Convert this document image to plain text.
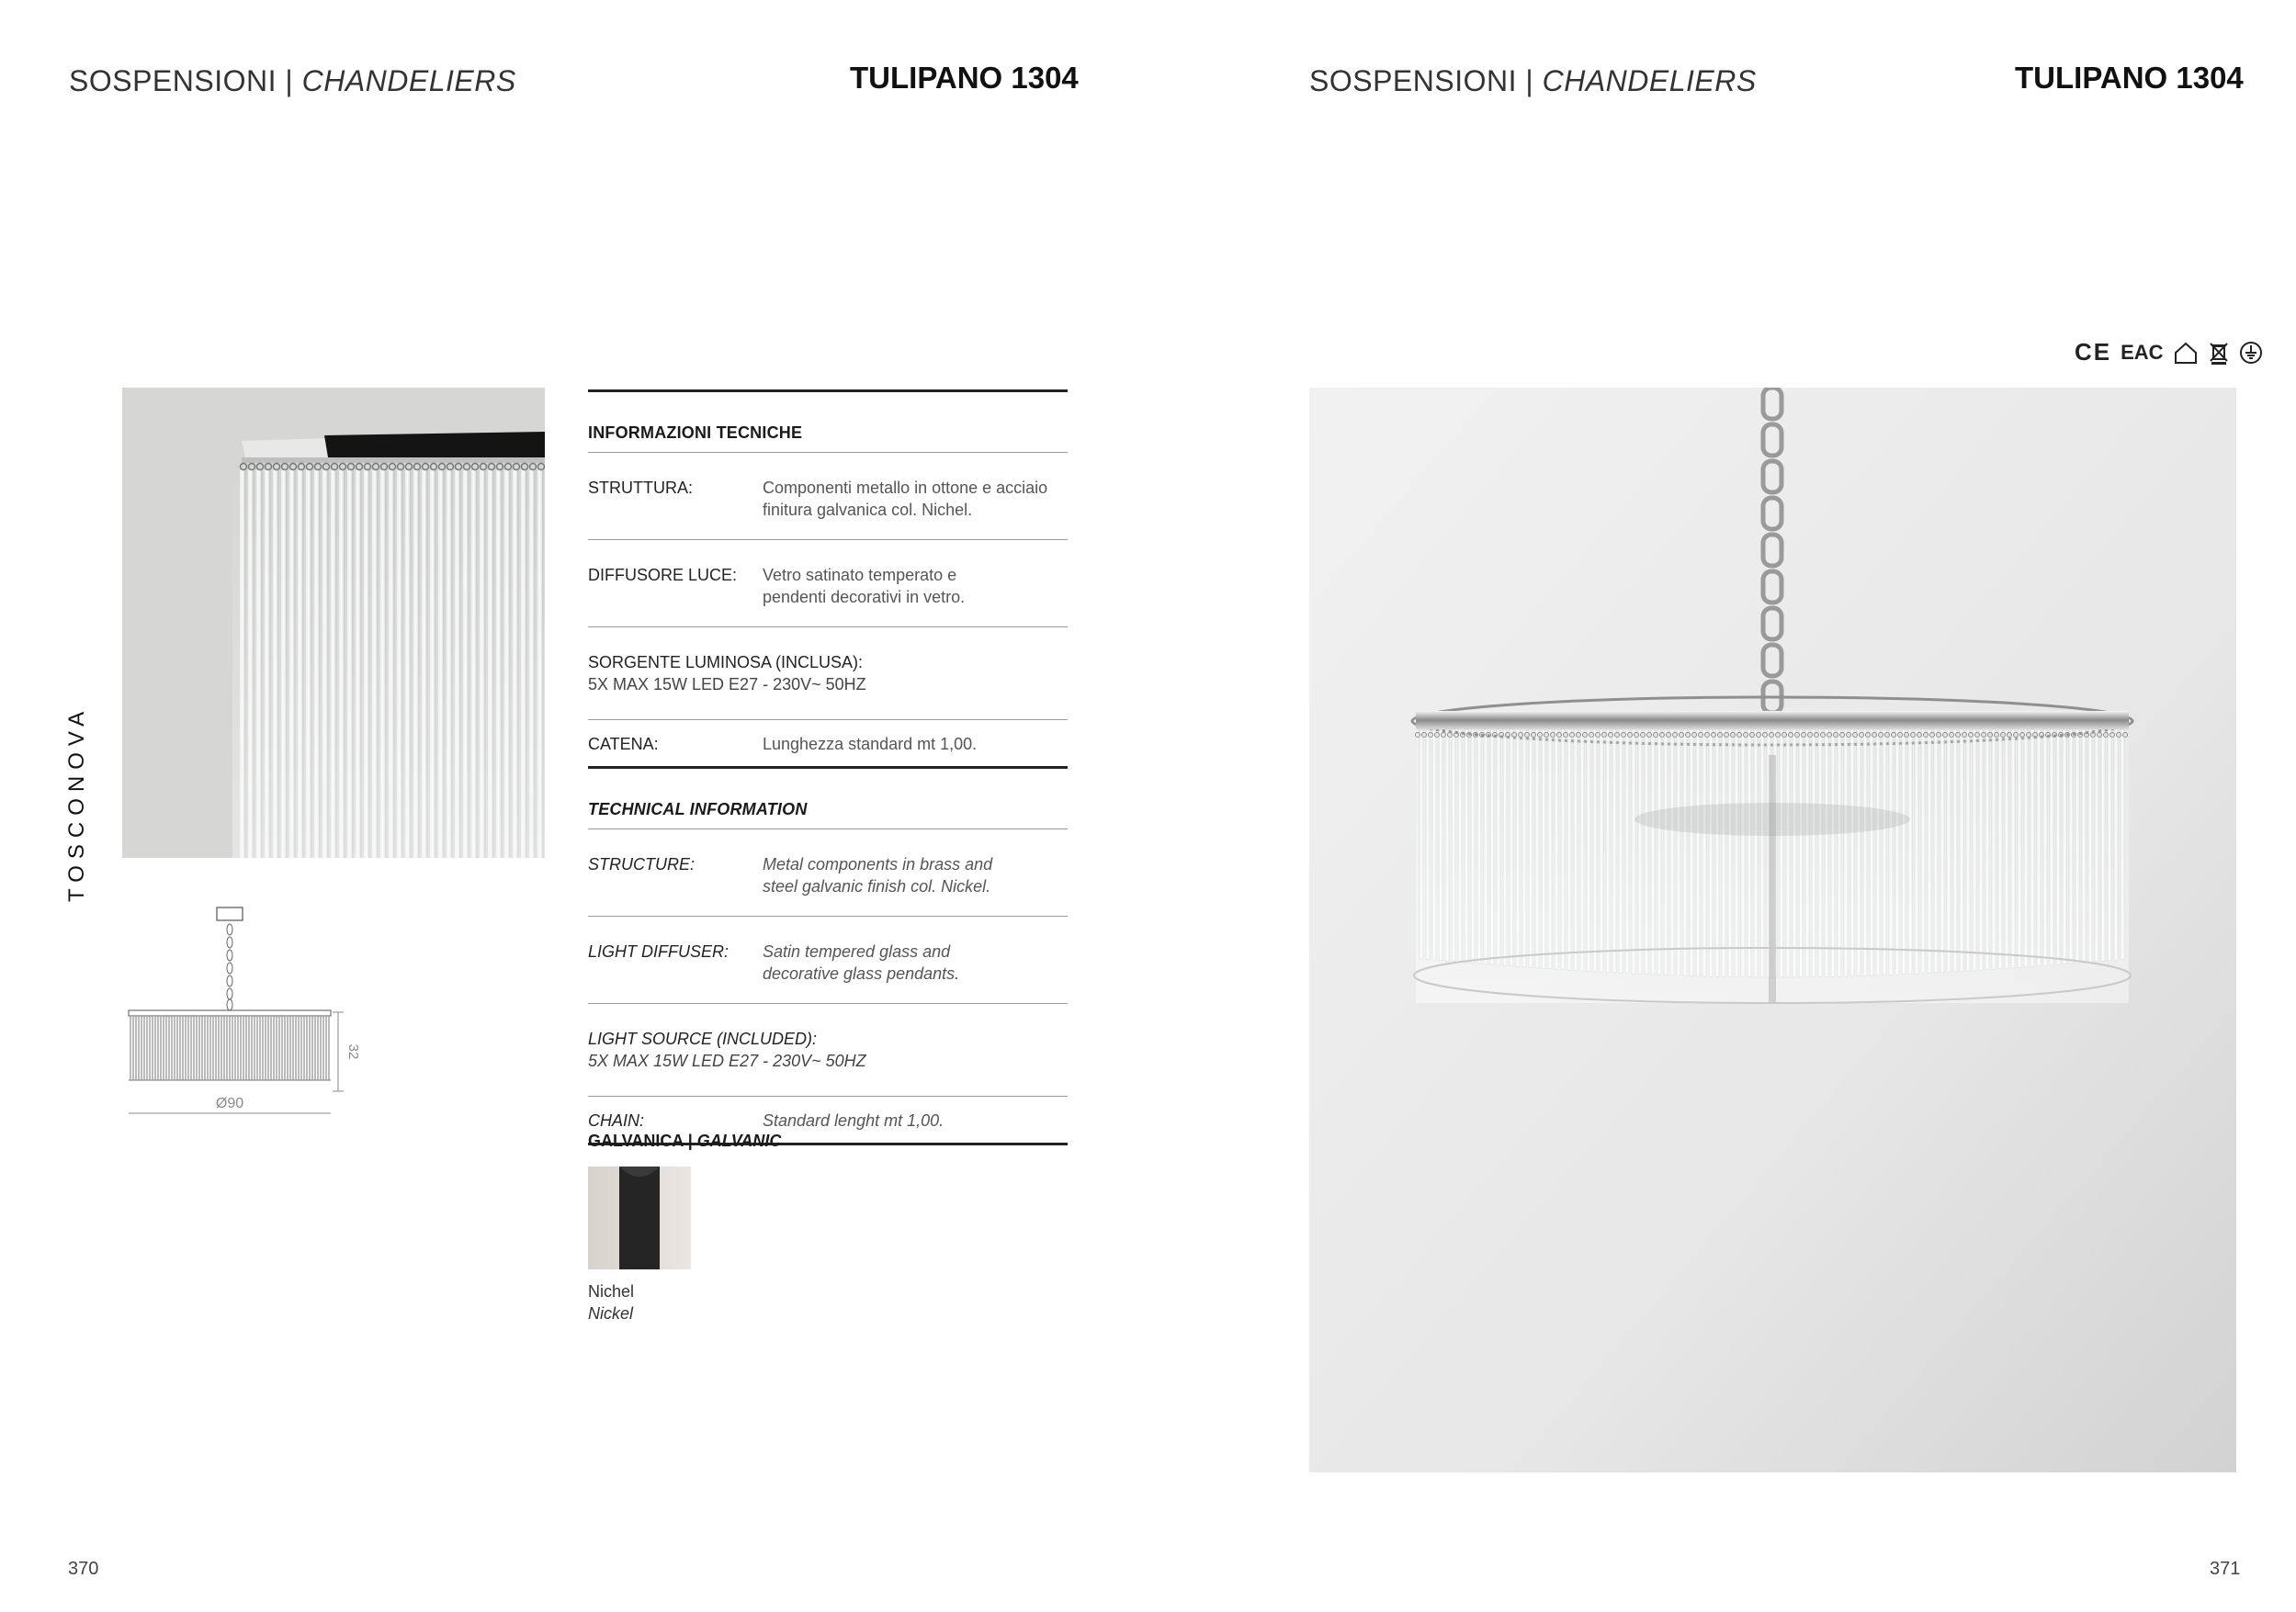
SOSPENSIONI | CHANDELIERS	TULIPANO 1304
TOSCONOVA
Ø90
32
INFORMAZIONI TECNICHE
STRUTTURA:	Componenti metallo in ottone e acciaio
finitura galvanica col. Nichel.
DIFFUSORE LUCE:	Vetro satinato temperato e
pendenti decorativi in vetro.
SORGENTE LUMINOSA (INCLUSA):
5X MAX 15W LED E27 - 230V~ 50HZ
CATENA:	Lunghezza standard mt 1,00.
TECHNICAL INFORMATION
STRUCTURE:	Metal components in brass and
steel galvanic finish col. Nickel.
LIGHT DIFFUSER:	Satin tempered glass and
decorative glass pendants.
LIGHT SOURCE (INCLUDED):
5X MAX 15W LED E27 - 230V~ 50HZ
CHAIN:	Standard lenght mt 1,00.
GALVANICA | GALVANIC
Nichel
Nickel
370
SOSPENSIONI | CHANDELIERS	TULIPANO 1304
CE EAC
371
